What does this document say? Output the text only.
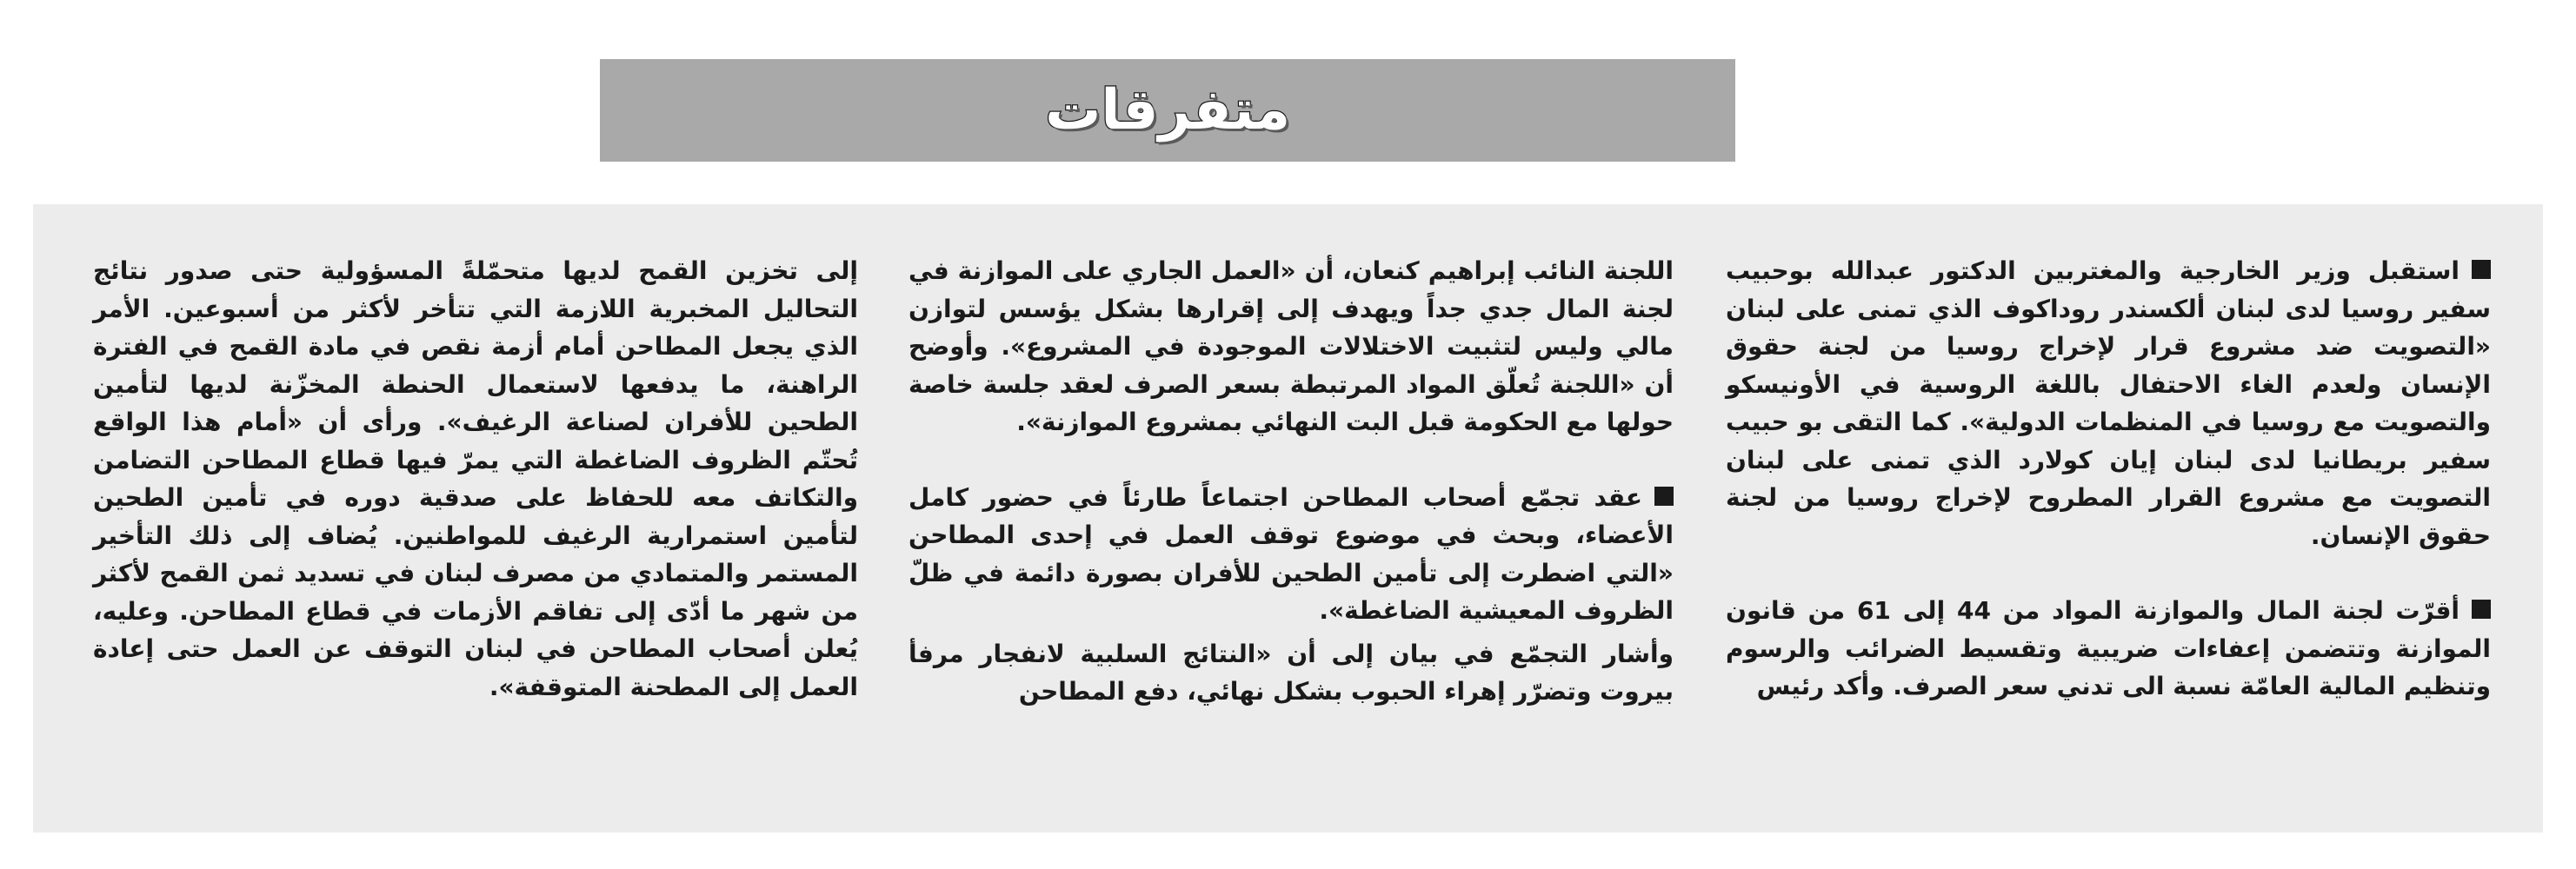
متفرقات

استقبل وزير الخارجية والمغتربين الدكتور عبدالله بوحبيب سفير روسيا لدى لبنان ألكسندر روداكوف الذي تمنى على لبنان «التصويت ضد مشروع قرار لإخراج روسيا من لجنة حقوق الإنسان ولعدم الغاء الاحتفال باللغة الروسية في الأونيسكو والتصويت مع روسيا في المنظمات الدولية». كما التقى بو حبيب سفير بريطانيا لدى لبنان إيان كولارد الذي تمنى على لبنان التصويت مع مشروع القرار المطروح لإخراج روسيا من لجنة حقوق الإنسان.

أقرّت لجنة المال والموازنة المواد من 44 إلى 61 من قانون الموازنة وتتضمن إعفاءات ضريبية وتقسيط الضرائب والرسوم وتنظيم المالية العامّة نسبة الى تدني سعر الصرف. وأكد رئيس

اللجنة النائب إبراهيم كنعان، أن «العمل الجاري على الموازنة في لجنة المال جدي جداً ويهدف إلى إقرارها بشكل يؤسس لتوازن مالي وليس لتثبيت الاختلالات الموجودة في المشروع». وأوضح أن «اللجنة تُعلّق المواد المرتبطة بسعر الصرف لعقد جلسة خاصة حولها مع الحكومة قبل البت النهائي بمشروع الموازنة».

عقد تجمّع أصحاب المطاحن اجتماعاً طارئاً في حضور كامل الأعضاء، وبحث في موضوع توقف العمل في إحدى المطاحن «التي اضطرت إلى تأمين الطحين للأفران بصورة دائمة في ظلّ الظروف المعيشية الضاغطة».

وأشار التجمّع في بيان إلى أن «النتائج السلبية لانفجار مرفأ بيروت وتضرّر إهراء الحبوب بشكل نهائي، دفع المطاحن

إلى تخزين القمح لديها متحمّلةً المسؤولية حتى صدور نتائج التحاليل المخبرية اللازمة التي تتأخر لأكثر من أسبوعين. الأمر الذي يجعل المطاحن أمام أزمة نقص في مادة القمح في الفترة الراهنة، ما يدفعها لاستعمال الحنطة المخزّنة لديها لتأمين الطحين للأفران لصناعة الرغيف». ورأى أن «أمام هذا الواقع تُحتّم الظروف الضاغطة التي يمرّ فيها قطاع المطاحن التضامن والتكاتف معه للحفاظ على صدقية دوره في تأمين الطحين لتأمين استمرارية الرغيف للمواطنين. يُضاف إلى ذلك التأخير المستمر والمتمادي من مصرف لبنان في تسديد ثمن القمح لأكثر من شهر ما أدّى إلى تفاقم الأزمات في قطاع المطاحن. وعليه، يُعلن أصحاب المطاحن في لبنان التوقف عن العمل حتى إعادة العمل إلى المطحنة المتوقفة».
